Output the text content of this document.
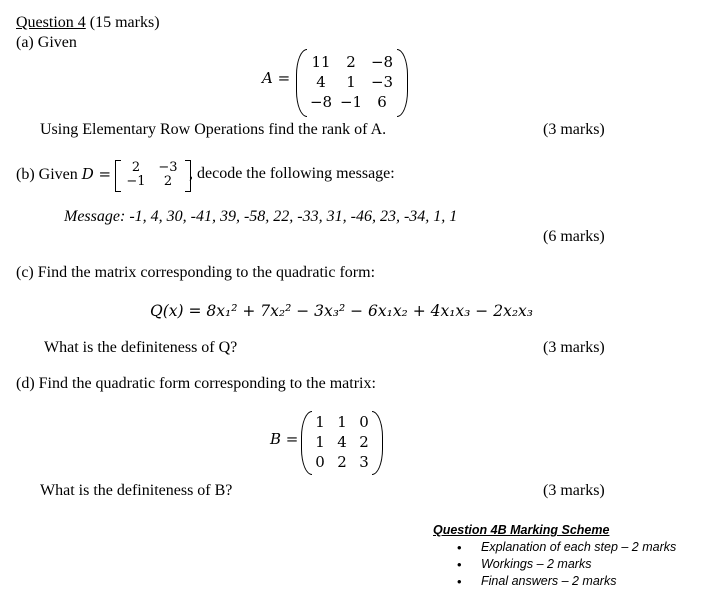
Question 4 (15 marks)
(a) Given
A =
11	2	−8
4	1	−3
−8	−1	6
Using Elementary Row Operations find the rank of A.	(3 marks)
(b) Given D = 2	−3
−1	2 , decode the following message:
Message: -1, 4, 30, -41, 39, -58, 22, -33, 31, -46, 23, -34, 1, 1
(6 marks)
(c) Find the matrix corresponding to the quadratic form:
Q(x) = 8x₁² + 7x₂² − 3x₃² − 6x₁x₂ + 4x₁x₃ − 2x₂x₃
What is the definiteness of Q?	(3 marks)
(d) Find the quadratic form corresponding to the matrix:
B =
1	1	0
1	4	2
0	2	3
What is the definiteness of B?	(3 marks)
Question 4B Marking Scheme
• Explanation of each step – 2 marks
• Workings – 2 marks
• Final answers – 2 marks
